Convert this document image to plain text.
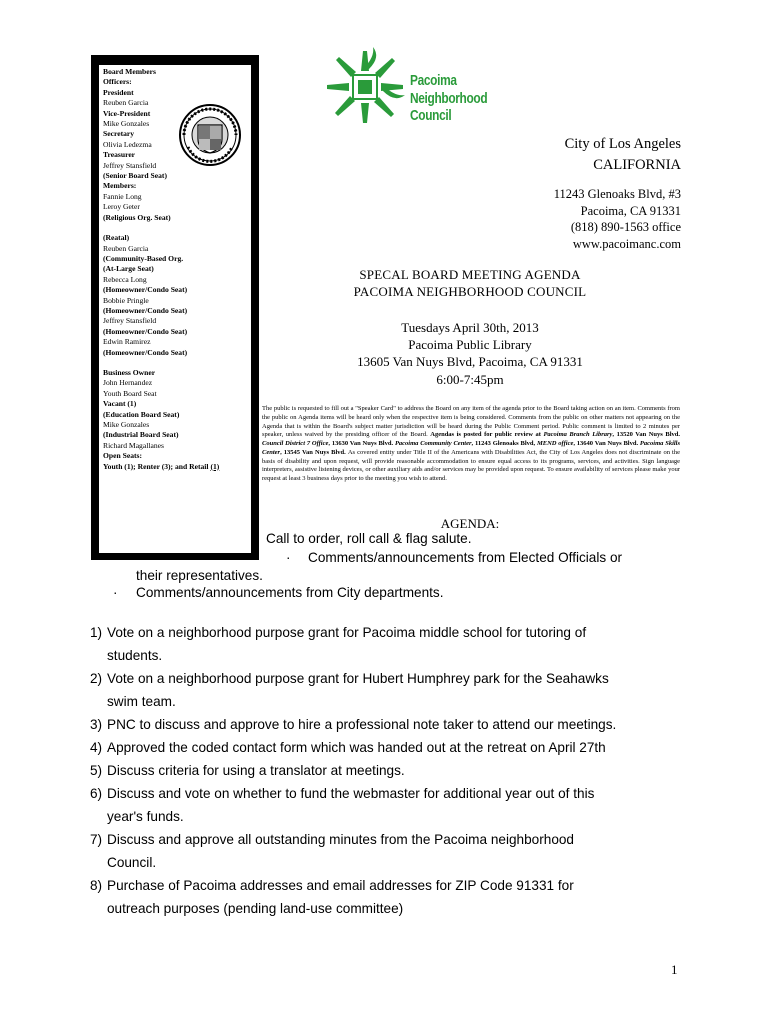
Board Members
Officers:
President
Reuben Garcia
Vice-President
Mike Gonzales
Secretary
Olivia Ledezma
Treasurer
Jeffrey Stansfield
(Senior Board Seat)
Members:
Fannie Long
Leroy Geter
(Religious Org. Seat)
(Reatal)
Reuben Garcia
(Community-Based Org.
(At-Large Seat)
Rebecca Long
(Homeowner/Condo Seat)
Bobbie Pringle
(Homeowner/Condo Seat)
Jeffrey Stansfield
(Homeowner/Condo Seat)
Edwin Ramirez
(Homeowner/Condo Seat)
Business Owner
John Hernandez
Youth Board Seat
Vacant (1)
(Education Board Seat)
Mike Gonzales
(Industrial Board Seat)
Richard Magallanes
Open Seats:
Youth (1); Renter (3); and Retail (1)
Pacoima
Neighborhood
Council
City of Los Angeles
CALIFORNIA
11243 Glenoaks Blvd, #3
Pacoima, CA 91331
(818) 890-1563 office
www.pacoimanc.com
SPECAL BOARD MEETING AGENDA
PACOIMA NEIGHBORHOOD COUNCIL
Tuesdays April 30th, 2013
Pacoima Public Library
13605 Van Nuys Blvd, Pacoima, CA 91331
6:00-7:45pm
The public is requested to fill out a "Speaker Card" to address the Board on any item of the agenda prior to the Board taking action on an item. Comments from the public on Agenda items will be heard only when the respective item is being considered. Comments from the public on other matters not appearing on the Agenda that is within the Board's subject matter jurisdiction will be heard during the Public Comment period. Public comment is limited to 2 minutes per speaker, unless waived by the presiding officer of the Board. Agendas is posted for public review at Pacoima Branch Library, 13520 Van Nuys Blvd. Council District 7 Office, 13630 Van Nuys Blvd. Pacoima Community Center, 11243 Glenoaks Blvd, MEND office, 13640 Van Nuys Blvd. Pacoima Skills Center, 13545 Van Nuys Blvd. As covered entity under Title II of the Americans with Disabilities Act, the City of Los Angeles does not discriminate on the basis of disability and upon request, will provide reasonable accommodation to ensure equal access to its programs, services, and activities. Sign language interpreters, assistive listening devices, or other auxiliary aids and/or services may be provided upon request. To ensure availability of services please make your request at least 3 business days prior to the meeting you wish to attend.
AGENDA:
Call to order, roll call & flag salute.
· Comments/announcements from Elected Officials or
their representatives.
· Comments/announcements from City departments.
1) Vote on a neighborhood purpose grant for Pacoima middle school for tutoring of
students.
2) Vote on a neighborhood purpose grant for Hubert Humphrey park for the Seahawks
swim team.
3) PNC to discuss and approve to hire a professional note taker to attend our meetings.
4) Approved the coded contact form which was handed out at the retreat on April 27th
5) Discuss criteria for using a translator at meetings.
6) Discuss and vote on whether to fund the webmaster for additional year out of this
year's funds.
7) Discuss and approve all outstanding minutes from the Pacoima neighborhood
Council.
8) Purchase of Pacoima addresses and email addresses for ZIP Code 91331 for
outreach purposes (pending land-use committee)
1
